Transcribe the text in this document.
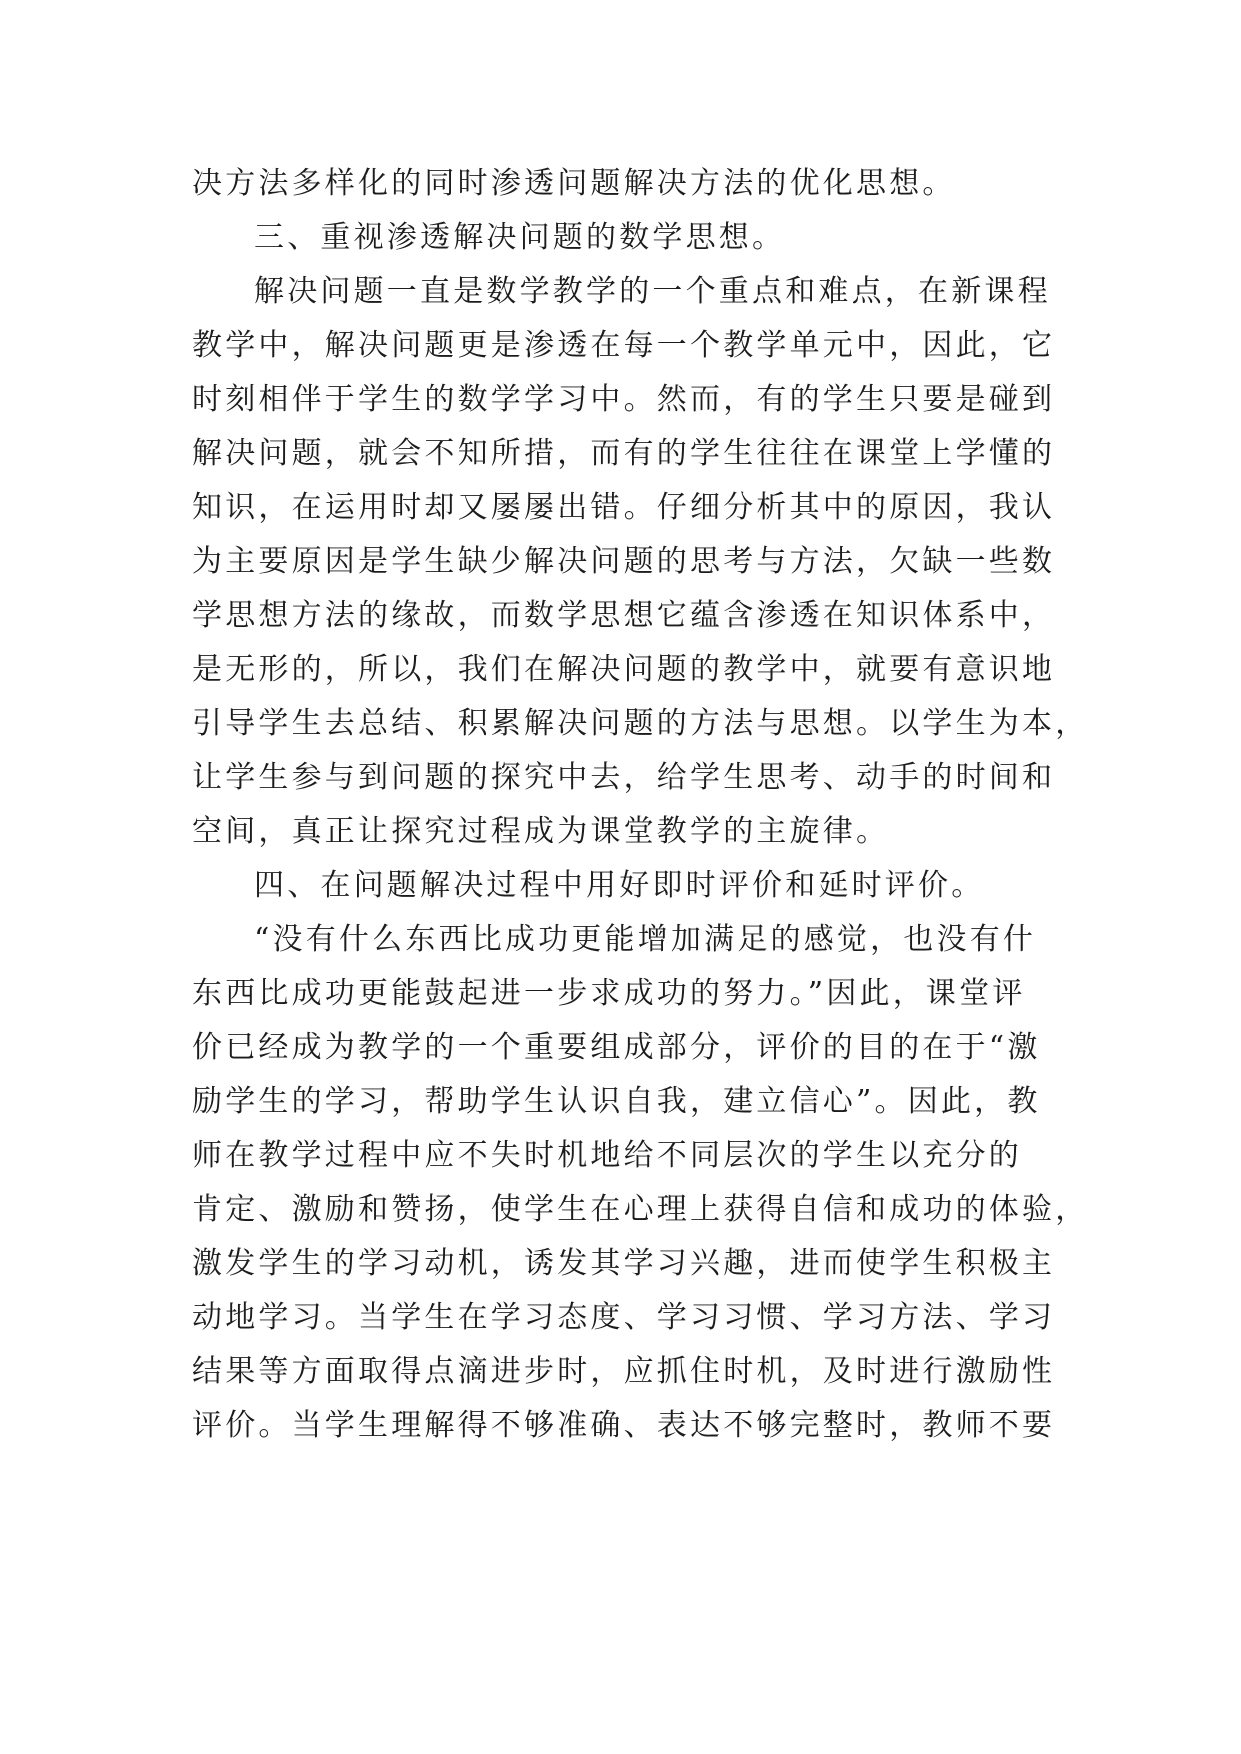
决方法多样化的同时渗透问题解决方法的优化思想。
三、重视渗透解决问题的数学思想。
解决问题一直是数学教学的一个重点和难点，在新课程
教学中，解决问题更是渗透在每一个教学单元中，因此，它
时刻相伴于学生的数学学习中。然而，有的学生只要是碰到
解决问题，就会不知所措，而有的学生往往在课堂上学懂的
知识，在运用时却又屡屡出错。仔细分析其中的原因，我认
为主要原因是学生缺少解决问题的思考与方法，欠缺一些数
学思想方法的缘故，而数学思想它蕴含渗透在知识体系中，
是无形的，所以，我们在解决问题的教学中，就要有意识地
引导学生去总结、积累解决问题的方法与思想。以学生为本，
让学生参与到问题的探究中去，给学生思考、动手的时间和
空间，真正让探究过程成为课堂教学的主旋律。
四、在问题解决过程中用好即时评价和延时评价。
“没有什么东西比成功更能增加满足的感觉，也没有什
东西比成功更能鼓起进一步求成功的努力。”因此，课堂评
价已经成为教学的一个重要组成部分，评价的目的在于“激
励学生的学习，帮助学生认识自我，建立信心”。因此，教
师在教学过程中应不失时机地给不同层次的学生以充分的
肯定、激励和赞扬，使学生在心理上获得自信和成功的体验，
激发学生的学习动机，诱发其学习兴趣，进而使学生积极主
动地学习。当学生在学习态度、学习习惯、学习方法、学习
结果等方面取得点滴进步时，应抓住时机，及时进行激励性
评价。当学生理解得不够准确、表达不够完整时，教师不要
